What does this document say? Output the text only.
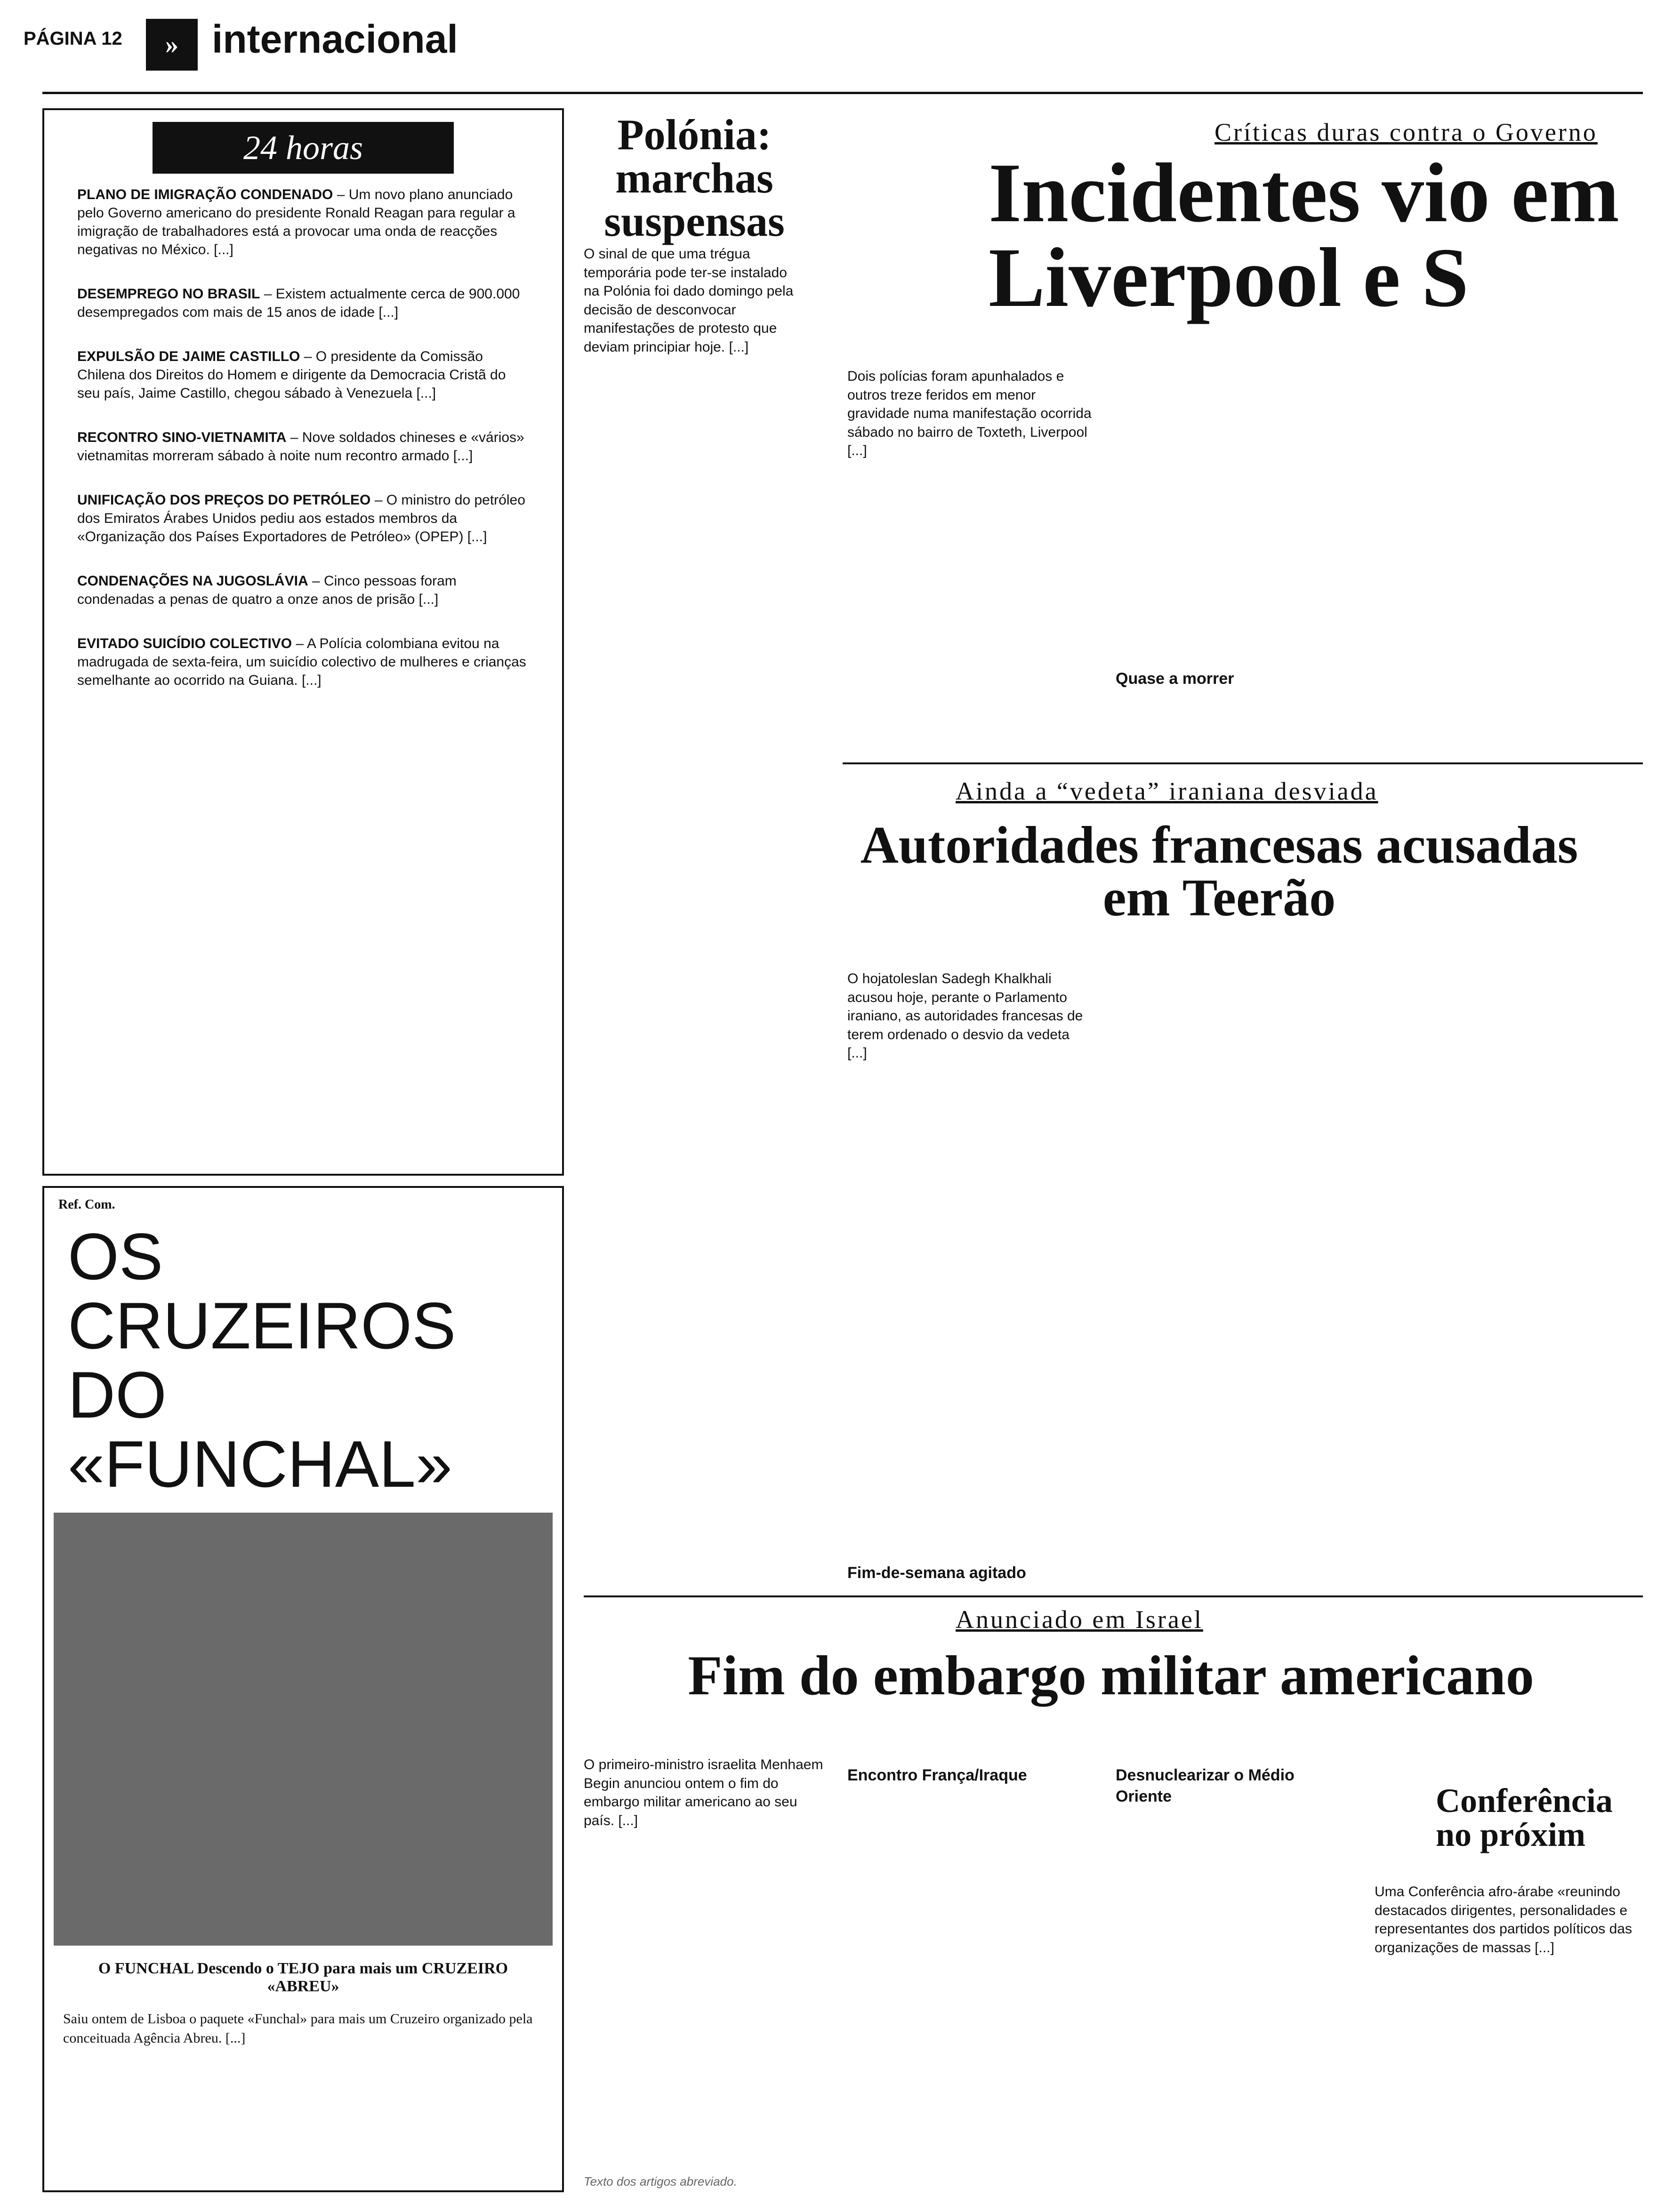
PÁGINA 12	» internacional
24 horas
PLANO DE IMIGRAÇÃO CONDENADO – Um novo plano anunciado pelo Governo americano do presidente Ronald Reagan para regular a imigração de trabalhadores está a provocar uma onda de reacções negativas no México. [...]
DESEMPREGO NO BRASIL – Existem actualmente cerca de 900.000 desempregados com mais de 15 anos de idade [...]
EXPULSÃO DE JAIME CASTILLO – O presidente da Comissão Chilena dos Direitos do Homem e dirigente da Democracia Cristã do seu país, Jaime Castillo, chegou sábado à Venezuela [...]
RECONTRO SINO-VIETNAMITA – Nove soldados chineses e «vários» vietnamitas morreram sábado à noite num recontro armado [...]
UNIFICAÇÃO DOS PREÇOS DO PETRÓLEO – O ministro do petróleo dos Emiratos Árabes Unidos pediu aos estados membros da «Organização dos Países Exportadores de Petróleo» (OPEP) [...]
CONDENAÇÕES NA JUGOSLÁVIA – Cinco pessoas foram condenadas a penas de quatro a onze anos de prisão [...]
EVITADO SUICÍDIO COLECTIVO – A Polícia colombiana evitou na madrugada de sexta-feira, um suicídio colectivo de mulheres e crianças semelhante ao ocorrido na Guiana. [...]
Ref. Com.
OS CRUZEIROS DO «FUNCHAL»
O FUNCHAL Descendo o TEJO para mais um CRUZEIRO «ABREU»
Saiu ontem de Lisboa o paquete «Funchal» para mais um Cruzeiro organizado pela conceituada Agência Abreu. [...]
Polónia: marchas suspensas
O sinal de que uma trégua temporária pode ter-se instalado na Polónia foi dado domingo pela decisão de desconvocar manifestações de protesto que deviam principiar hoje. [...]
Críticas duras contra o Governo
Incidentes vio em Liverpool e S
Dois polícias foram apunhalados e outros treze feridos em menor gravidade numa manifestação ocorrida sábado no bairro de Toxteth, Liverpool [...]
Quase a morrer
Ainda a “vedeta” iraniana desviada
Autoridades francesas acusadas em Teerão
O hojatoleslan Sadegh Khalkhali acusou hoje, perante o Parlamento iraniano, as autoridades francesas de terem ordenado o desvio da vedeta [...]
Fim-de-semana agitado
Anunciado em Israel
Fim do embargo militar americano
O primeiro-ministro israelita Menhaem Begin anunciou ontem o fim do embargo militar americano ao seu país. [...]
Encontro França/Iraque	Desnuclearizar o Médio Oriente	Conferência no próxim
Uma Conferência afro-árabe «reunindo destacados dirigentes, personalidades e representantes dos partidos políticos das organizações de massas [...]
Texto dos artigos abreviado.
